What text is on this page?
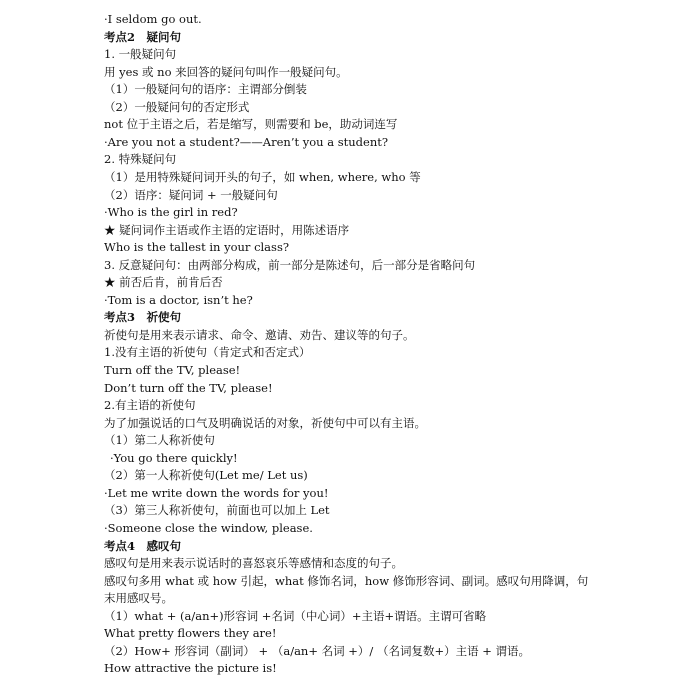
·I seldom go out.
考点2　疑问句
1. 一般疑问句
用 yes 或 no 来回答的疑问句叫作一般疑问句。
（1）一般疑问句的语序：主谓部分倒装
（2）一般疑问句的否定形式
not 位于主语之后，若是缩写，则需要和 be，助动词连写
·Are you not a student?——Aren’t you a student?
2. 特殊疑问句
（1）是用特殊疑问词开头的句子，如 when, where, who 等
（2）语序：疑问词 + 一般疑问句
·Who is the girl in red?
★ 疑问词作主语或作主语的定语时，用陈述语序
Who is the tallest in your class?
3. 反意疑问句：由两部分构成，前一部分是陈述句，后一部分是省略问句
★ 前否后肯，前肯后否
·Tom is a doctor, isn’t he?
考点3　祈使句
祈使句是用来表示请求、命令、邀请、劝告、建议等的句子。
1.没有主语的祈使句（肯定式和否定式）
Turn off the TV, please!
Don’t turn off the TV, please!
2.有主语的祈使句
为了加强说话的口气及明确说话的对象，祈使句中可以有主语。
（1）第二人称祈使句
·You go there quickly!
（2）第一人称祈使句(Let me/ Let us)
·Let me write down the words for you!
（3）第三人称祈使句，前面也可以加上 Let
·Someone close the window, please.
考点4　感叹句
感叹句是用来表示说话时的喜怒哀乐等感情和态度的句子。
感叹句多用 what 或 how 引起，what 修饰名词，how 修饰形容词、副词。感叹句用降调，句
末用感叹号。
（1）what + (a/an+)形容词 +名词（中心词）+主语+谓语。主谓可省略
What pretty flowers they are!
（2）How+ 形容词（副词） + （a/an+ 名词 +）/ （名词复数+）主语 + 谓语。
How attractive the picture is!
